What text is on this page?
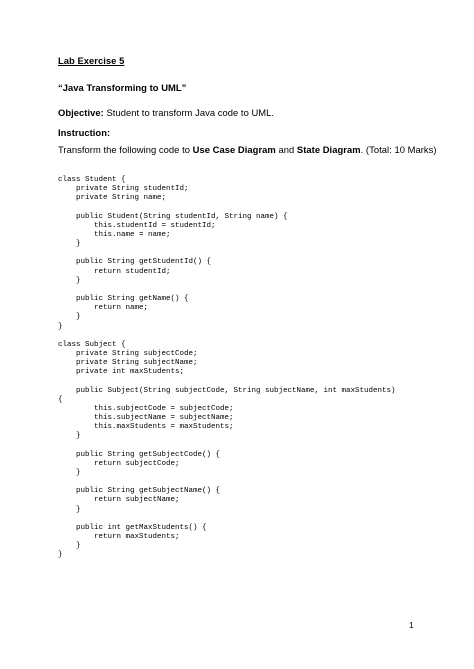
Lab Exercise 5
“Java Transforming to UML”
Objective: Student to transform Java code to UML.
Instruction:
Transform the following code to Use Case Diagram and State Diagram. (Total: 10 Marks)
class Student {
private String studentId;
private String name;

public Student(String studentId, String name) {
this.studentId = studentId;
this.name = name;
}

public String getStudentId() {
return studentId;
}

public String getName() {
return name;
}
}

class Subject {
private String subjectCode;
private String subjectName;
private int maxStudents;

public Subject(String subjectCode, String subjectName, int maxStudents)
{
this.subjectCode = subjectCode;
this.subjectName = subjectName;
this.maxStudents = maxStudents;
}

public String getSubjectCode() {
return subjectCode;
}

public String getSubjectName() {
return subjectName;
}

public int getMaxStudents() {
return maxStudents;
}
}
1
